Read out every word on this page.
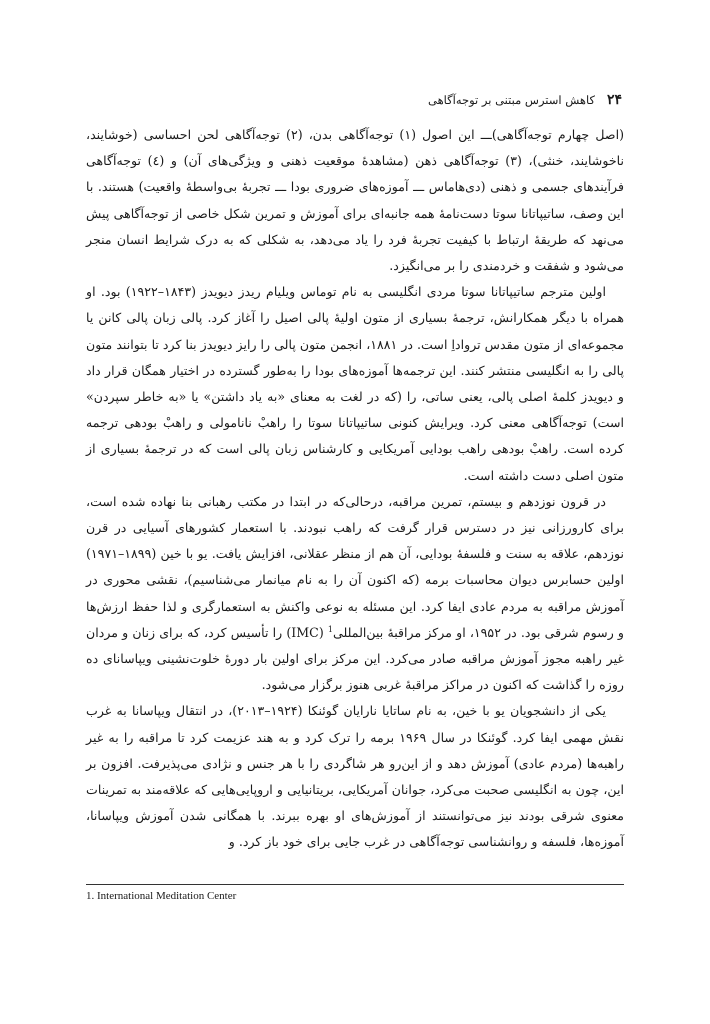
۲۴
کاهش استرس مبتنی بر توجه‌آگاهی

(اصل چهارم توجه‌آگاهی)ـــ این اصول (۱) توجه‌آگاهی بدن، (۲) توجه‌آگاهی لحن احساسی (خوشایند، ناخوشایند، خنثی)، (۳) توجه‌آگاهی ذهن (مشاهدهٔ موقعیت ذهنی و ویژگی‌های آن) و (٤) توجه‌آگاهی فرآیندهای جسمی و ذهنی (دی‌هاماس ـــ آموزه‌های ضروری بودا ـــ تجربهٔ بی‌واسطهٔ واقعیت) هستند. با این وصف، ساتیپاتانا سوتا دست‌نامهٔ همه جانبه‌ای برای آموزش و تمرین شکل خاصی از توجه‌آگاهی پیش می‌نهد که طریقهٔ ارتباط با کیفیت تجربهٔ فرد را یاد می‌دهد، به شکلی که به درک شرایط انسان منجر می‌شود و شفقت و خردمندی را بر می‌انگیزد.

اولین مترجم ساتیپاتانا سوتا مردی انگلیسی به نام توماس ویلیام ریدز دیویدز (۱۸۴۳–۱۹۲۲) بود. او همراه با دیگر همکارانش، ترجمهٔ بسیاری از متون اولیهٔ پالی اصیل را آغاز کرد. پالی زبان پالی کانن یا مجموعه‌ای از متون مقدس ترواداِ است. در ۱۸۸۱، انجمن متون پالی را رایز دیویدز بنا کرد تا بتوانند متون پالی را به انگلیسی منتشر کنند. این ترجمه‌ها آموزه‌های بودا را به‌طور گسترده در اختیار همگان قرار داد و دیویدز کلمهٔ اصلی پالی، یعنی ساتی، را (که در لغت به معنای «به یاد داشتن» یا «به خاطر سپردن» است) توجه‌آگاهی معنی کرد. ویرایش کنونی ساتیپاتانا سوتا را راهبْ نانامولی و راهبْ بودهی ترجمه کرده است. راهبْ بودهی راهب بودایی آمریکایی و کارشناس زبان پالی است که در ترجمهٔ بسیاری از متون اصلی دست داشته است.

در قرون نوزدهم و بیستم، تمرین مراقبه، درحالی‌که در ابتدا در مکتب رهبانی بنا نهاده شده است، برای کارورزانی نیز در دسترس قرار گرفت که راهب نبودند. با استعمار کشورهای آسیایی در قرن نوزدهم، علاقه به سنت و فلسفهٔ بودایی، آن هم از منظر عقلانی، افزایش یافت. یو با خین (۱۸۹۹–۱۹۷۱) اولین حسابرس دیوان محاسبات برمه (که اکنون آن را به نام میانمار می‌شناسیم)، نقشی محوری در آموزش مراقبه به مردم عادی ایفا کرد. این مسئله به نوعی واکنش به استعمارگری و لذا حفظ ارزش‌ها و رسوم شرقی بود. در ۱۹۵۲، او مرکز مراقبهٔ بین‌المللی$^1$ (IMC) را تأسیس کرد، که برای زنان و مردان غیر راهبه مجوز آموزش مراقبه صادر می‌کرد. این مرکز برای اولین بار دورهٔ خلوت‌نشینی ویپاسانای ده روزه را گذاشت که اکنون در مراکز مراقبهٔ غربی هنوز برگزار می‌شود.

یکی از دانشجویان یو با خین، به نام ساتایا نارایان گوئنکا (۱۹۲۴–۲۰۱۳)، در انتقال ویپاسانا به غرب نقش مهمی ایفا کرد. گوئنکا در سال ۱۹۶۹ برمه را ترک کرد و به هند عزیمت کرد تا مراقبه را به غیر راهبه‌ها (مردم عادی) آموزش دهد و از این‌رو هر شاگردی را با هر جنس و نژادی می‌پذیرفت. افزون بر این، چون به انگلیسی صحبت می‌کرد، جوانان آمریکایی، بریتانیایی و اروپایی‌هایی که علاقه‌مند به تمرینات معنوی شرقی بودند نیز می‌توانستند از آموزش‌های او بهره ببرند. با همگانی شدن آموزش ویپاسانا، آموزه‌ها، فلسفه و روانشناسی توجه‌آگاهی در غرب جایی برای خود باز کرد. و

1. International Meditation Center
